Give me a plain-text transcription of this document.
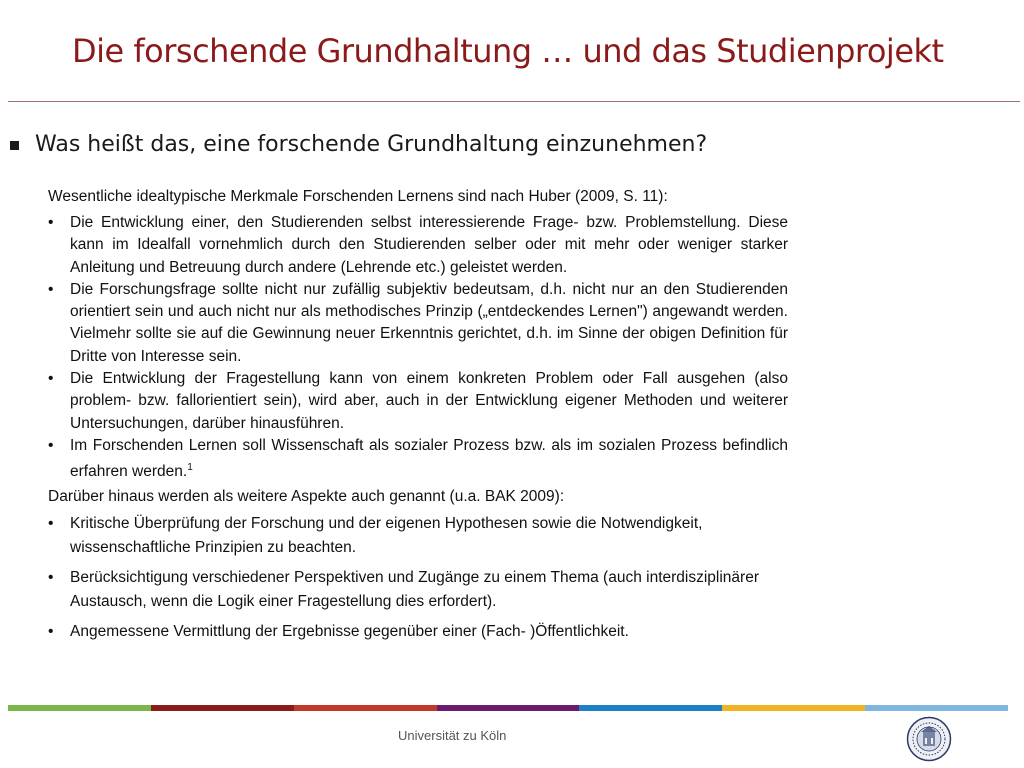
Die forschende Grundhaltung … und das Studienprojekt
Was heißt das, eine forschende Grundhaltung einzunehmen?

Wesentliche idealtypische Merkmale Forschenden Lernens sind nach Huber (2009, S. 11):

• Die Entwicklung einer, den Studierenden selbst interessierende Frage- bzw. Problemstellung. Diese kann im Idealfall vornehmlich durch den Studierenden selber oder mit mehr oder weniger starker Anleitung und Betreuung durch andere (Lehrende etc.) geleistet werden.
• Die Forschungsfrage sollte nicht nur zufällig subjektiv bedeutsam, d.h. nicht nur an den Studierenden orientiert sein und auch nicht nur als methodisches Prinzip („entdeckendes Lernen") angewandt werden. Vielmehr sollte sie auf die Gewinnung neuer Erkenntnis gerichtet, d.h. im Sinne der obigen Definition für Dritte von Interesse sein.
• Die Entwicklung der Fragestellung kann von einem konkreten Problem oder Fall ausgehen (also problem- bzw. fallorientiert sein), wird aber, auch in der Entwicklung eigener Methoden und weiterer Untersuchungen, darüber hinausführen.
• Im Forschenden Lernen soll Wissenschaft als sozialer Prozess bzw. als im sozialen Prozess befindlich erfahren werden.$^1$

Darüber hinaus werden als weitere Aspekte auch genannt (u.a. BAK 2009):

• Kritische Überprüfung der Forschung und der eigenen Hypothesen sowie die Notwendigkeit, wissenschaftliche Prinzipien zu beachten.
• Berücksichtigung verschiedener Perspektiven und Zugänge zu einem Thema (auch interdisziplinärer Austausch, wenn die Logik einer Fragestellung dies erfordert).
• Angemessene Vermittlung der Ergebnisse gegenüber einer (Fach- )Öffentlichkeit.
Universität zu Köln
